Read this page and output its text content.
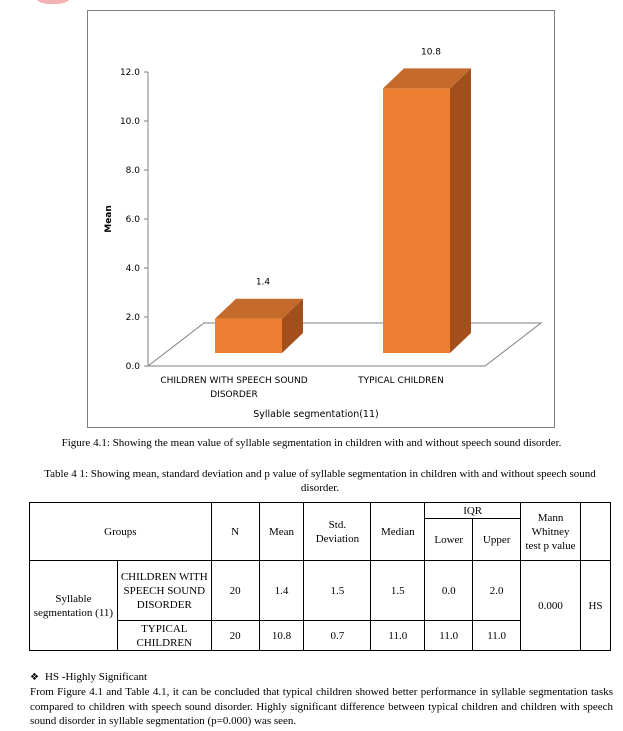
0.0
2.0
4.0
6.0
8.0
10.0
12.0
Mean
1.4
10.8
CHILDREN WITH SPEECH SOUND
DISORDER
TYPICAL CHILDREN
Syllable segmentation(11)
Figure 4.1: Showing the mean value of syllable segmentation in children with and without speech sound disorder.
Table 4 1: Showing mean, standard deviation and p value of syllable segmentation in children with and without speech sound disorder.
Groups		N	Mean	Std. Deviation	Median	IQR		Mann Whitney test p value	
						Lower	Upper		
Syllable segmentation (11)	CHILDREN WITH SPEECH SOUND DISORDER	20	1.4	1.5	1.5	0.0	2.0	0.000	HS
	TYPICAL CHILDREN	20	10.8	0.7	11.0	11.0	11.0		
❖ HS -Highly Significant
From Figure 4.1 and Table 4.1, it can be concluded that typical children showed better performance in syllable segmentation tasks compared to children with speech sound disorder. Highly significant difference between typical children and children with speech sound disorder in syllable segmentation (p=0.000) was seen.
